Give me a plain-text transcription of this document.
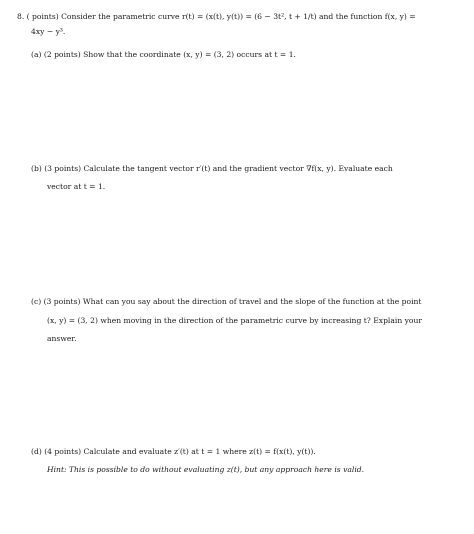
8. ( points) Consider the parametric curve r(t) = (x(t), y(t)) = (6 − 3t², t + 1/t) and the function f(x, y) =
4xy − y³.
(a) (2 points) Show that the coordinate (x, y) = (3, 2) occurs at t = 1.
(b) (3 points) Calculate the tangent vector r′(t) and the gradient vector ∇f(x, y). Evaluate each
vector at t = 1.
(c) (3 points) What can you say about the direction of travel and the slope of the function at the point
(x, y) = (3, 2) when moving in the direction of the parametric curve by increasing t? Explain your
answer.
(d) (4 points) Calculate and evaluate z′(t) at t = 1 where z(t) = f(x(t), y(t)).
Hint: This is possible to do without evaluating z(t), but any approach here is valid.
